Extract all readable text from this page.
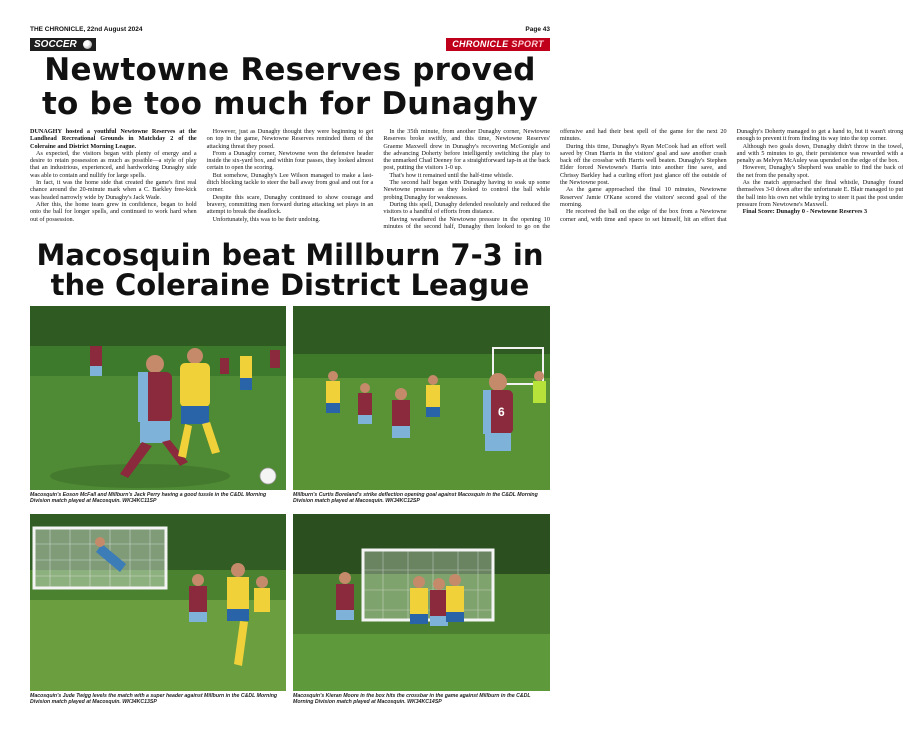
THE CHRONICLE, 22nd August 2024	Page 43
SOCCER	CHRONICLE SPORT
Newtowne Reserves proved to be too much for Dunaghy

DUNAGHY hosted a youthful Newtowne Reserves at the Landhead Recreational Grounds in Matchday 2 of the Coleraine and District Morning League.

As expected, the visitors began with plenty of energy and a desire to retain possession as much as possible—a style of play that an industrious, experienced, and hardworking Dunaghy side was able to contain and nullify for large spells.

In fact, it was the home side that created the game's first real chance around the 20-minute mark when a C. Barkley free-kick was headed narrowly wide by Dunaghy's Jack Wade.

After this, the home team grew in confidence, began to hold onto the ball for longer spells, and continued to work hard when out of possession.

However, just as Dunaghy thought they were beginning to get on top in the game, Newtowne Reserves reminded them of the attacking threat they posed.

From a Dunaghy corner, Newtowne won the defensive header inside the six-yard box, and within four passes, they looked almost certain to open the scoring.

But somehow, Dunaghy's Lee Wilson managed to make a last-ditch blocking tackle to steer the ball away from goal and out for a corner.

Despite this scare, Dunaghy continued to show courage and bravery, committing men forward during attacking set plays in an attempt to break the deadlock.

Unfortunately, this was to be their undoing.

In the 35th minute, from another Dunaghy corner, Newtowne Reserves broke swiftly, and this time, Newtowne Reserves' Graeme Maxwell drew in Dunaghy's recovering McGonigle and the advancing Doherty before intelligently switching the play to the unmarked Chad Deeney for a straightforward tap-in at the back post, putting the visitors 1-0 up.

That's how it remained until the half-time whistle.

The second half began with Dunaghy having to soak up some Newtowne pressure as they looked to control the ball while probing Dunaghy for weaknesses.

During this spell, Dunaghy defended resolutely and reduced the visitors to a handful of efforts from distance.

Having weathered the Newtowne pressure in the opening 10 minutes of the second half, Dunaghy then looked to go on the offensive and had their best spell of the game for the next 20 minutes.

During this time, Dunaghy's Ryan McCook had an effort well saved by Oran Harris in the visitors' goal and saw another crash back off the crossbar with Harris well beaten. Dunaghy's Stephen Elder forced Newtowne's Harris into another fine save, and Chrissy Barkley had a curling effort just glance off the outside of the Newtowne post.

As the game approached the final 10 minutes, Newtowne Reserves' Jamie O'Kane scored the visitors' second goal of the morning.

He received the ball on the edge of the box from a Newtowne corner and, with time and space to set himself, hit an effort that Dunaghy's Doherty managed to get a hand to, but it wasn't strong enough to prevent it from finding its way into the top corner.

Although two goals down, Dunaghy didn't throw in the towel, and with 5 minutes to go, their persistence was rewarded with a penalty as Melvyn McAuley was upended on the edge of the box.

However, Dunaghy's Shepherd was unable to find the back of the net from the penalty spot.

As the match approached the final whistle, Dunaghy found themselves 3-0 down after the unfortunate E. Blair managed to put the ball into his own net while trying to steer it past the post under pressure from Newtowne's Maxwell.

Final Score: Dunaghy 0 - Newtowne Reserves 3

Macosquin beat Millburn 7-3 in the Coleraine District League
Macosquin's Eoson McFall and Millburn's Jack Perry having a good tussle in the C&DL Morning Division match played at Macosquin. WK34KC11SP
6
Millburn's Curtis Boreland's strike deflection opening goal against Macosquin in the C&DL Morning Division match played at Macosquin. WK34KC12SP
Macosquin's Jude Twigg levels the match with a super header against Millburn in the C&DL Morning Division match played at Macosquin. WK34KC13SP
Macosquin's Kieran Moore in the box hits the crossbar in the game against Millburn in the C&DL Morning Division match played at Macosquin. WK34KC14SP
